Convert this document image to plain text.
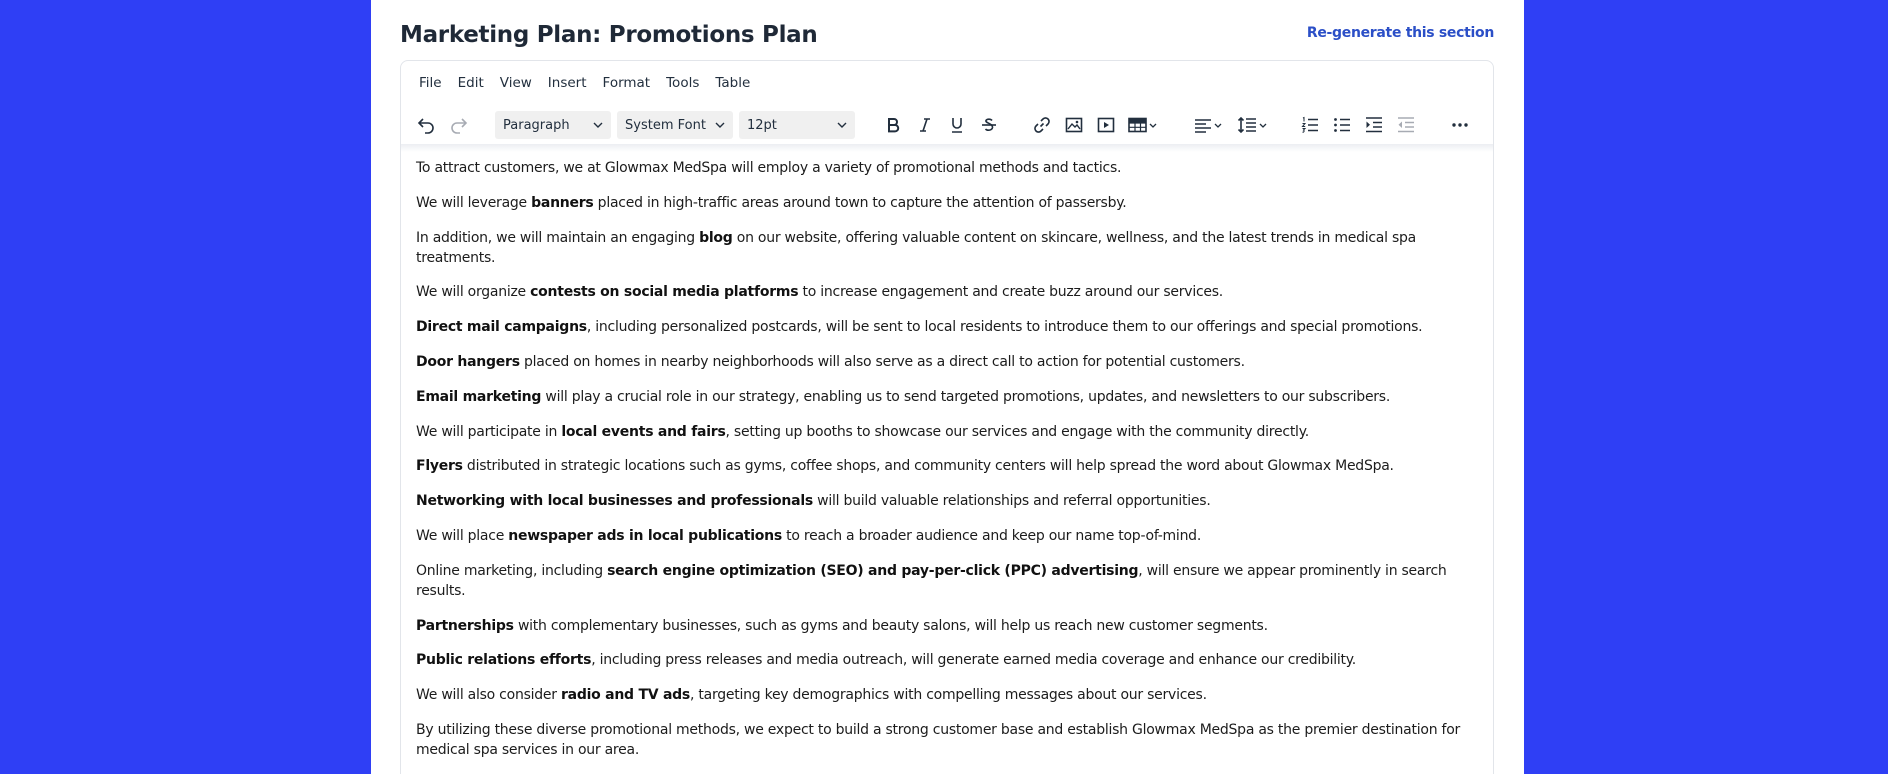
Marketing Plan: Promotions Plan	Re-generate this section
File Edit View Insert Format Tools Table
Paragraph	System Font	12pt

To attract customers, we at Glowmax MedSpa will employ a variety of promotional methods and tactics.

We will leverage banners placed in high-traffic areas around town to capture the attention of passersby.

In addition, we will maintain an engaging blog on our website, offering valuable content on skincare, wellness, and the latest trends in medical spa treatments.

We will organize contests on social media platforms to increase engagement and create buzz around our services.

Direct mail campaigns, including personalized postcards, will be sent to local residents to introduce them to our offerings and special promotions.

Door hangers placed on homes in nearby neighborhoods will also serve as a direct call to action for potential customers.

Email marketing will play a crucial role in our strategy, enabling us to send targeted promotions, updates, and newsletters to our subscribers.

We will participate in local events and fairs, setting up booths to showcase our services and engage with the community directly.

Flyers distributed in strategic locations such as gyms, coffee shops, and community centers will help spread the word about Glowmax MedSpa.

Networking with local businesses and professionals will build valuable relationships and referral opportunities.

We will place newspaper ads in local publications to reach a broader audience and keep our name top-of-mind.

Online marketing, including search engine optimization (SEO) and pay-per-click (PPC) advertising, will ensure we appear prominently in search results.

Partnerships with complementary businesses, such as gyms and beauty salons, will help us reach new customer segments.

Public relations efforts, including press releases and media outreach, will generate earned media coverage and enhance our credibility.

We will also consider radio and TV ads, targeting key demographics with compelling messages about our services.

By utilizing these diverse promotional methods, we expect to build a strong customer base and establish Glowmax MedSpa as the premier destination for medical spa services in our area.
